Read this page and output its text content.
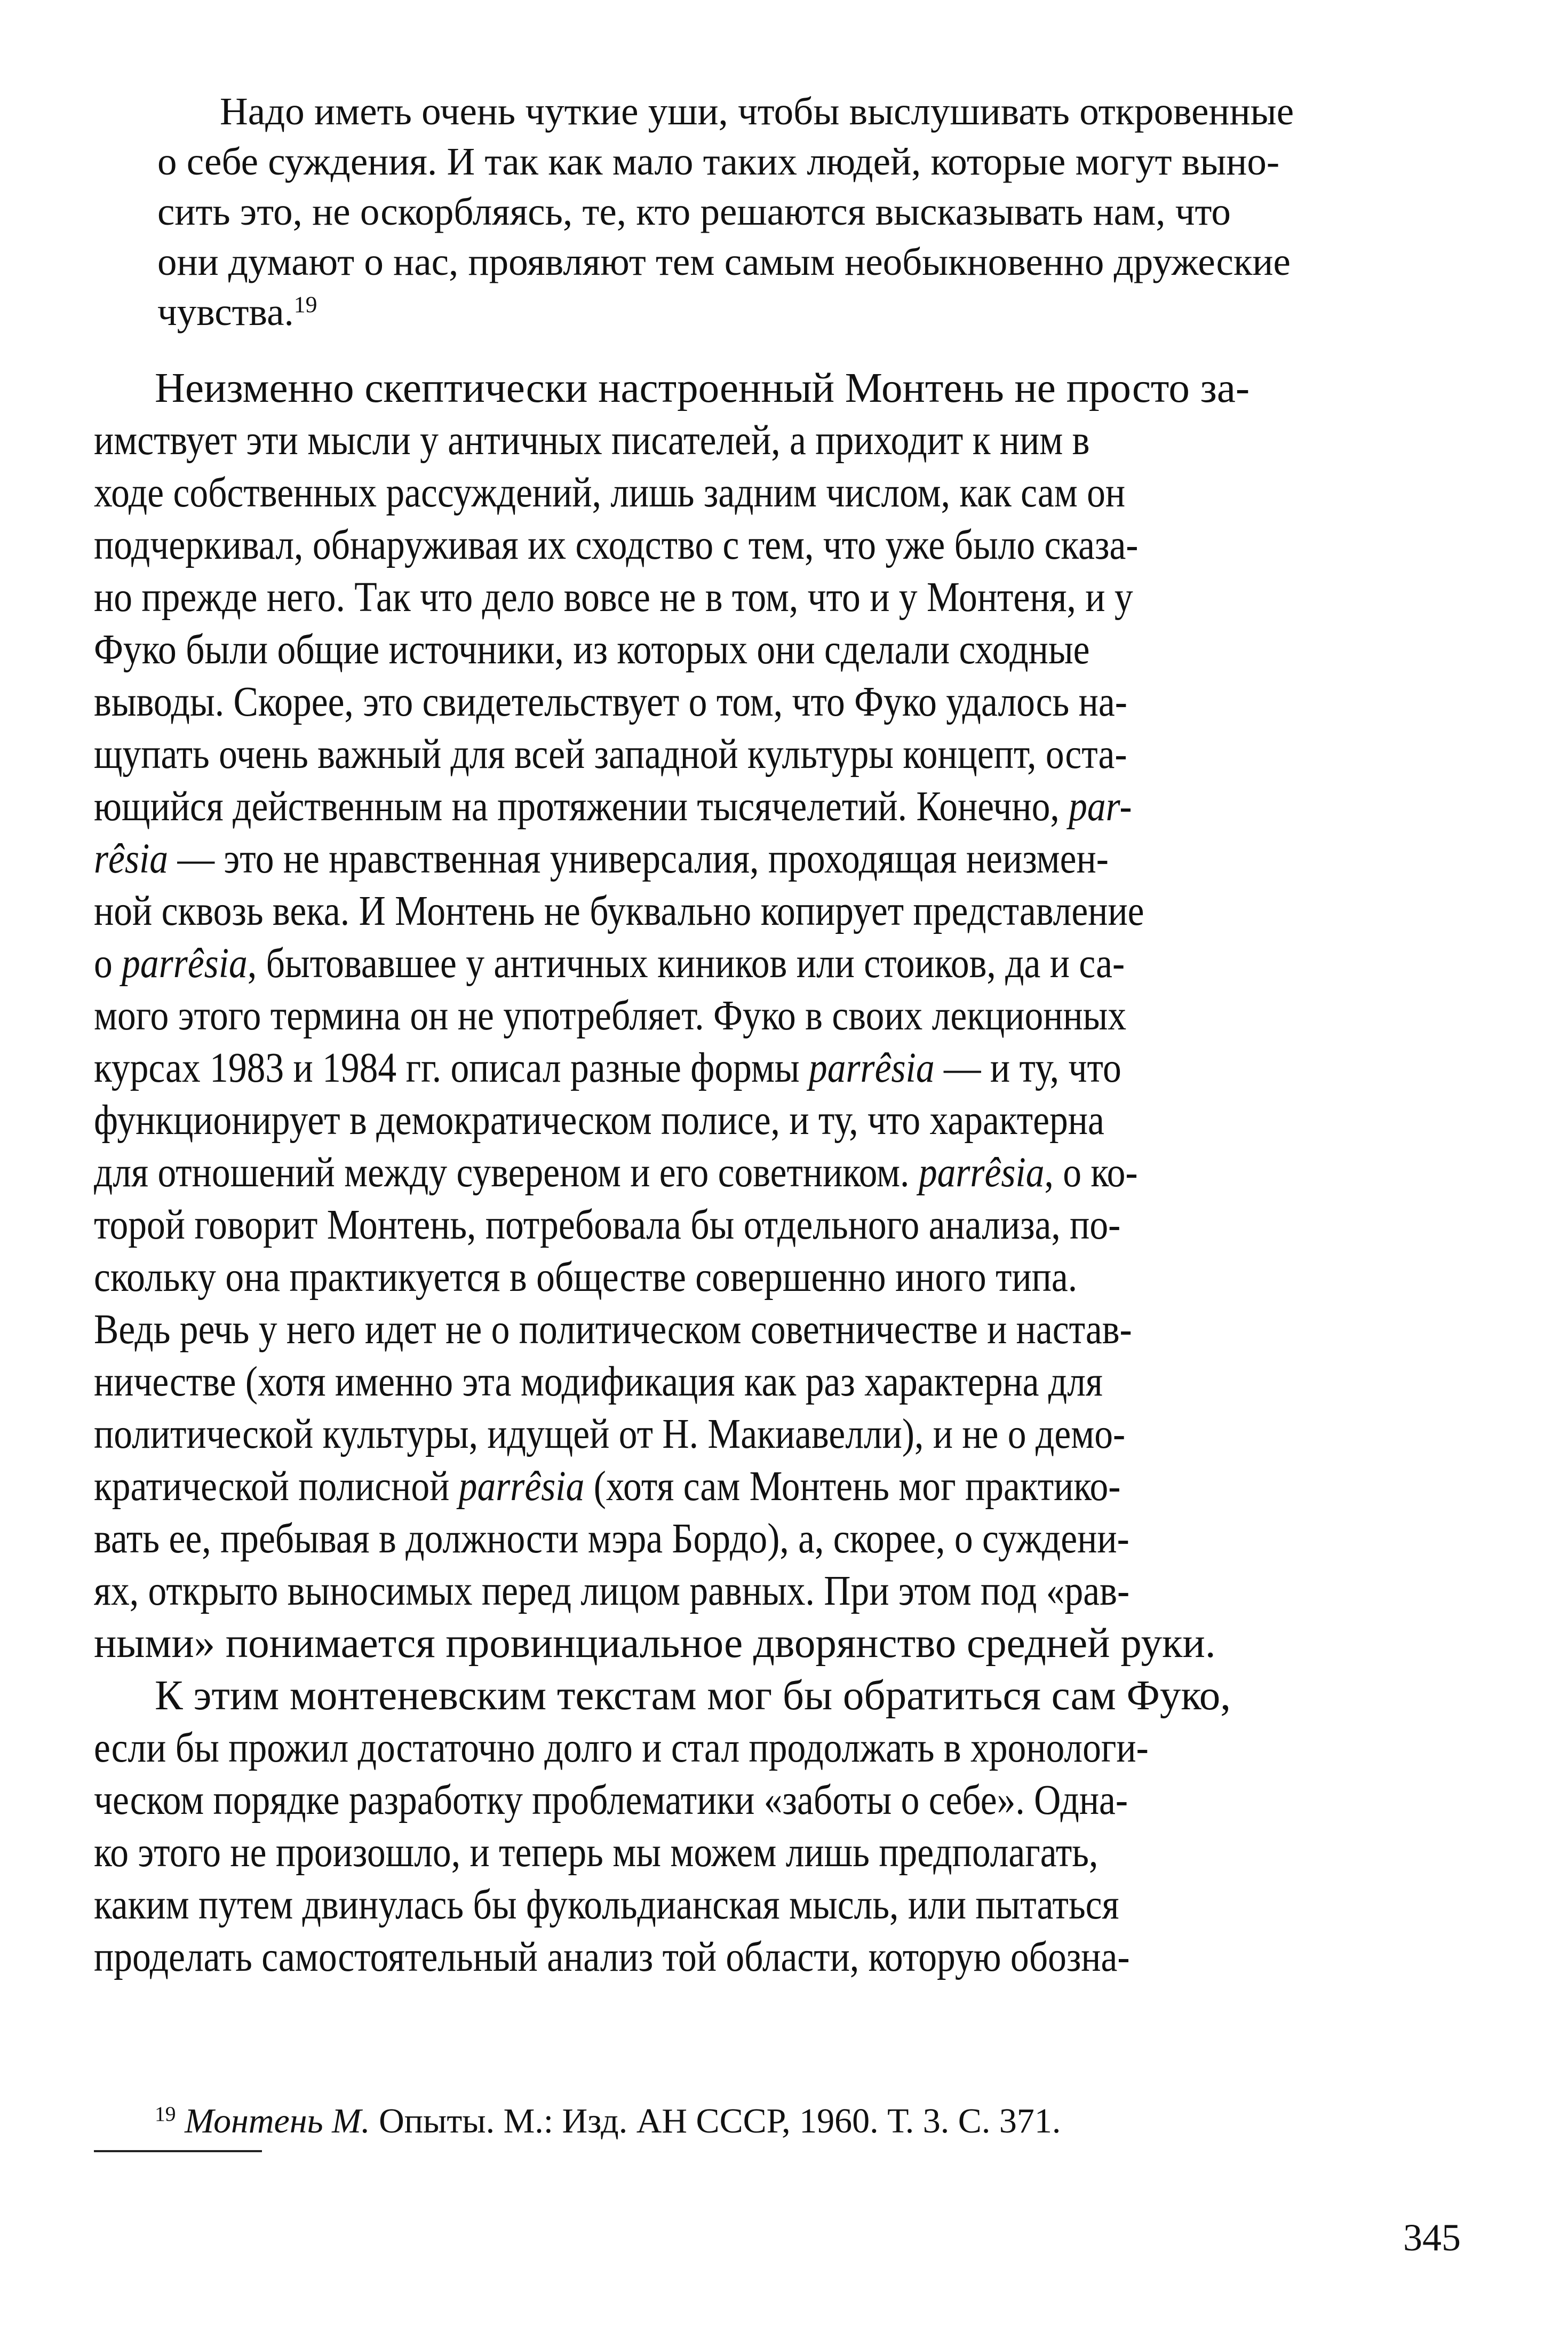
Надо иметь очень чуткие уши, чтобы выслушивать откровенные
о себе суждения. И так как мало таких людей, которые могут выно-
сить это, не оскорбляясь, те, кто решаются высказывать нам, что
они думают о нас, проявляют тем самым необыкновенно дружеские
чувства.$^{19}$
Неизменно скептически настроенный Монтень не просто за-
имствует эти мысли у античных писателей, а приходит к ним в
ходе собственных рассуждений, лишь задним числом, как сам он
подчеркивал, обнаруживая их сходство с тем, что уже было сказа-
но прежде него. Так что дело вовсе не в том, что и у Монтеня, и у
Фуко были общие источники, из которых они сделали сходные
выводы. Скорее, это свидетельствует о том, что Фуко удалось на-
щупать очень важный для всей западной культуры концепт, оста-
ющийся действенным на протяжении тысячелетий. Конечно, par-
rêsia — это не нравственная универсалия, проходящая неизмен-
ной сквозь века. И Монтень не буквально копирует представление
о parrêsia, бытовавшее у античных киников или стоиков, да и са-
мого этого термина он не употребляет. Фуко в своих лекционных
курсах 1983 и 1984 гг. описал разные формы parrêsia — и ту, что
функционирует в демократическом полисе, и ту, что характерна
для отношений между сувереном и его советником. parrêsia, о ко-
торой говорит Монтень, потребовала бы отдельного анализа, по-
скольку она практикуется в обществе совершенно иного типа.
Ведь речь у него идет не о политическом советничестве и настав-
ничестве (хотя именно эта модификация как раз характерна для
политической культуры, идущей от Н. Макиавелли), и не о демо-
кратической полисной parrêsia (хотя сам Монтень мог практико-
вать ее, пребывая в должности мэра Бордо), а, скорее, о суждени-
ях, открыто выносимых перед лицом равных. При этом под «рав-
ными» понимается провинциальное дворянство средней руки.
К этим монтеневским текстам мог бы обратиться сам Фуко,
если бы прожил достаточно долго и стал продолжать в хронологи-
ческом порядке разработку проблематики «заботы о себе». Одна-
ко этого не произошло, и теперь мы можем лишь предполагать,
каким путем двинулась бы фукольдианская мысль, или пытаться
проделать самостоятельный анализ той области, которую обозна-
$^{19}$ Монтень М. Опыты. М.: Изд. АН СССР, 1960. Т. 3. С. 371.
345
